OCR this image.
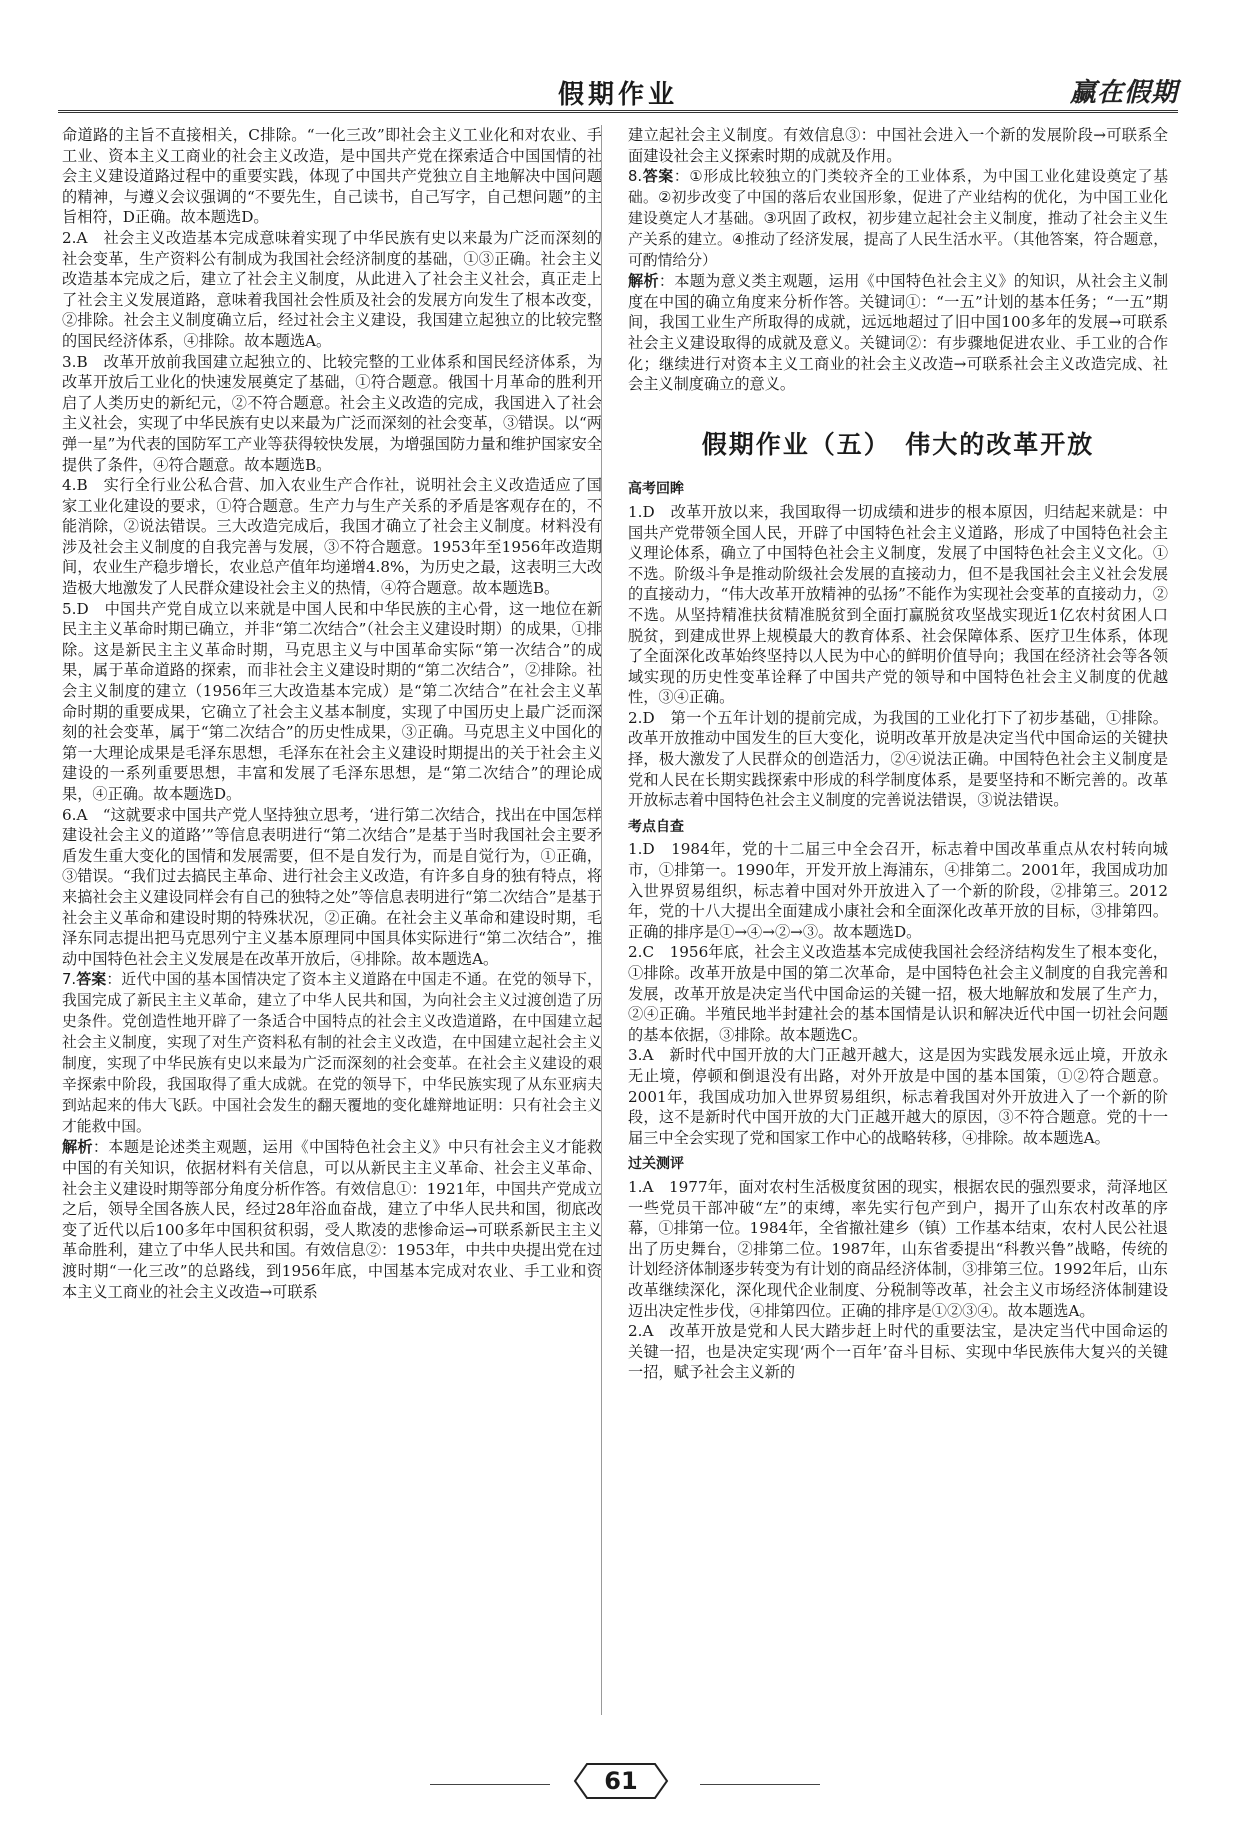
假期作业	赢在假期

命道路的主旨不直接相关，C排除。“一化三改”即社会主义工业化和对农业、手工业、资本主义工商业的社会主义改造，是中国共产党在探索适合中国国情的社会主义建设道路过程中的重要实践，体现了中国共产党独立自主地解决中国问题的精神，与遵义会议强调的“不要先生，自己读书，自己写字，自己想问题”的主旨相符，D正确。故本题选D。

2.A　社会主义改造基本完成意味着实现了中华民族有史以来最为广泛而深刻的社会变革，生产资料公有制成为我国社会经济制度的基础，①③正确。社会主义改造基本完成之后，建立了社会主义制度，从此进入了社会主义社会，真正走上了社会主义发展道路，意味着我国社会性质及社会的发展方向发生了根本改变，②排除。社会主义制度确立后，经过社会主义建设，我国建立起独立的比较完整的国民经济体系，④排除。故本题选A。

3.B　改革开放前我国建立起独立的、比较完整的工业体系和国民经济体系，为改革开放后工业化的快速发展奠定了基础，①符合题意。俄国十月革命的胜利开启了人类历史的新纪元，②不符合题意。社会主义改造的完成，我国进入了社会主义社会，实现了中华民族有史以来最为广泛而深刻的社会变革，③错误。以“两弹一星”为代表的国防军工产业等获得较快发展，为增强国防力量和维护国家安全提供了条件，④符合题意。故本题选B。

4.B　实行全行业公私合营、加入农业生产合作社，说明社会主义改造适应了国家工业化建设的要求，①符合题意。生产力与生产关系的矛盾是客观存在的，不能消除，②说法错误。三大改造完成后，我国才确立了社会主义制度。材料没有涉及社会主义制度的自我完善与发展，③不符合题意。1953年至1956年改造期间，农业生产稳步增长，农业总产值年均递增4.8%，为历史之最，这表明三大改造极大地激发了人民群众建设社会主义的热情，④符合题意。故本题选B。

5.D　中国共产党自成立以来就是中国人民和中华民族的主心骨，这一地位在新民主主义革命时期已确立，并非“第二次结合”（社会主义建设时期）的成果，①排除。这是新民主主义革命时期，马克思主义与中国革命实际“第一次结合”的成果，属于革命道路的探索，而非社会主义建设时期的“第二次结合”，②排除。社会主义制度的建立（1956年三大改造基本完成）是“第二次结合”在社会主义革命时期的重要成果，它确立了社会主义基本制度，实现了中国历史上最广泛而深刻的社会变革，属于“第二次结合”的历史性成果，③正确。马克思主义中国化的第一大理论成果是毛泽东思想，毛泽东在社会主义建设时期提出的关于社会主义建设的一系列重要思想，丰富和发展了毛泽东思想，是“第二次结合”的理论成果，④正确。故本题选D。

6.A　“这就要求中国共产党人坚持独立思考，‘进行第二次结合，找出在中国怎样建设社会主义的道路’”等信息表明进行“第二次结合”是基于当时我国社会主要矛盾发生重大变化的国情和发展需要，但不是自发行为，而是自觉行为，①正确，③错误。“我们过去搞民主革命、进行社会主义改造，有许多自身的独有特点，将来搞社会主义建设同样会有自己的独特之处”等信息表明进行“第二次结合”是基于社会主义革命和建设时期的特殊状况，②正确。在社会主义革命和建设时期，毛泽东同志提出把马克思列宁主义基本原理同中国具体实际进行“第二次结合”，推动中国特色社会主义发展是在改革开放后，④排除。故本题选A。

7.答案：近代中国的基本国情决定了资本主义道路在中国走不通。在党的领导下，我国完成了新民主主义革命，建立了中华人民共和国，为向社会主义过渡创造了历史条件。党创造性地开辟了一条适合中国特点的社会主义改造道路，在中国建立起社会主义制度，实现了对生产资料私有制的社会主义改造，在中国建立起社会主义制度，实现了中华民族有史以来最为广泛而深刻的社会变革。在社会主义建设的艰辛探索中阶段，我国取得了重大成就。在党的领导下，中华民族实现了从东亚病夫到站起来的伟大飞跃。中国社会发生的翻天覆地的变化雄辩地证明：只有社会主义才能救中国。

解析：本题是论述类主观题，运用《中国特色社会主义》中只有社会主义才能救中国的有关知识，依据材料有关信息，可以从新民主主义革命、社会主义革命、社会主义建设时期等部分角度分析作答。有效信息①：1921年，中国共产党成立之后，领导全国各族人民，经过28年浴血奋战，建立了中华人民共和国，彻底改变了近代以后100多年中国积贫积弱，受人欺凌的悲惨命运→可联系新民主主义革命胜利，建立了中华人民共和国。有效信息②：1953年，中共中央提出党在过渡时期“一化三改”的总路线，到1956年底，中国基本完成对农业、手工业和资本主义工商业的社会主义改造→可联系

建立起社会主义制度。有效信息③：中国社会进入一个新的发展阶段→可联系全面建设社会主义探索时期的成就及作用。

8.答案：①形成比较独立的门类较齐全的工业体系，为中国工业化建设奠定了基础。②初步改变了中国的落后农业国形象，促进了产业结构的优化，为中国工业化建设奠定人才基础。③巩固了政权，初步建立起社会主义制度，推动了社会主义生产关系的建立。④推动了经济发展，提高了人民生活水平。（其他答案，符合题意，可酌情给分）

解析：本题为意义类主观题，运用《中国特色社会主义》的知识，从社会主义制度在中国的确立角度来分析作答。关键词①：“一五”计划的基本任务；“一五”期间，我国工业生产所取得的成就，远远地超过了旧中国100多年的发展→可联系社会主义建设取得的成就及意义。关键词②：有步骤地促进农业、手工业的合作化；继续进行对资本主义工商业的社会主义改造→可联系社会主义改造完成、社会主义制度确立的意义。

假期作业（五）　伟大的改革开放
高考回眸

1.D　改革开放以来，我国取得一切成绩和进步的根本原因，归结起来就是：中国共产党带领全国人民，开辟了中国特色社会主义道路，形成了中国特色社会主义理论体系，确立了中国特色社会主义制度，发展了中国特色社会主义文化。①不选。阶级斗争是推动阶级社会发展的直接动力，但不是我国社会主义社会发展的直接动力，“伟大改革开放精神的弘扬”不能作为实现社会变革的直接动力，②不选。从坚持精准扶贫精准脱贫到全面打赢脱贫攻坚战实现近1亿农村贫困人口脱贫，到建成世界上规模最大的教育体系、社会保障体系、医疗卫生体系，体现了全面深化改革始终坚持以人民为中心的鲜明价值导向；我国在经济社会等各领域实现的历史性变革诠释了中国共产党的领导和中国特色社会主义制度的优越性，③④正确。

2.D　第一个五年计划的提前完成，为我国的工业化打下了初步基础，①排除。改革开放推动中国发生的巨大变化，说明改革开放是决定当代中国命运的关键抉择，极大激发了人民群众的创造活力，②④说法正确。中国特色社会主义制度是党和人民在长期实践探索中形成的科学制度体系，是要坚持和不断完善的。改革开放标志着中国特色社会主义制度的完善说法错误，③说法错误。

考点自查

1.D　1984年，党的十二届三中全会召开，标志着中国改革重点从农村转向城市，①排第一。1990年，开发开放上海浦东，④排第二。2001年，我国成功加入世界贸易组织，标志着中国对外开放进入了一个新的阶段，②排第三。2012年，党的十八大提出全面建成小康社会和全面深化改革开放的目标，③排第四。正确的排序是①→④→②→③。故本题选D。

2.C　1956年底，社会主义改造基本完成使我国社会经济结构发生了根本变化，①排除。改革开放是中国的第二次革命，是中国特色社会主义制度的自我完善和发展，改革开放是决定当代中国命运的关键一招，极大地解放和发展了生产力，②④正确。半殖民地半封建社会的基本国情是认识和解决近代中国一切社会问题的基本依据，③排除。故本题选C。

3.A　新时代中国开放的大门正越开越大，这是因为实践发展永远止境，开放永无止境，停顿和倒退没有出路，对外开放是中国的基本国策，①②符合题意。2001年，我国成功加入世界贸易组织，标志着我国对外开放进入了一个新的阶段，这不是新时代中国开放的大门正越开越大的原因，③不符合题意。党的十一届三中全会实现了党和国家工作中心的战略转移，④排除。故本题选A。

过关测评

1.A　1977年，面对农村生活极度贫困的现实，根据农民的强烈要求，菏泽地区一些党员干部冲破“左”的束缚，率先实行包产到户，揭开了山东农村改革的序幕，①排第一位。1984年，全省撤社建乡（镇）工作基本结束，农村人民公社退出了历史舞台，②排第二位。1987年，山东省委提出“科教兴鲁”战略，传统的计划经济体制逐步转变为有计划的商品经济体制，③排第三位。1992年后，山东改革继续深化，深化现代企业制度、分税制等改革，社会主义市场经济体制建设迈出决定性步伐，④排第四位。正确的排序是①②③④。故本题选A。

2.A　改革开放是党和人民大踏步赶上时代的重要法宝，是决定当代中国命运的关键一招，也是决定实现‘两个一百年’奋斗目标、实现中华民族伟大复兴的关键一招，赋予社会主义新的

61
